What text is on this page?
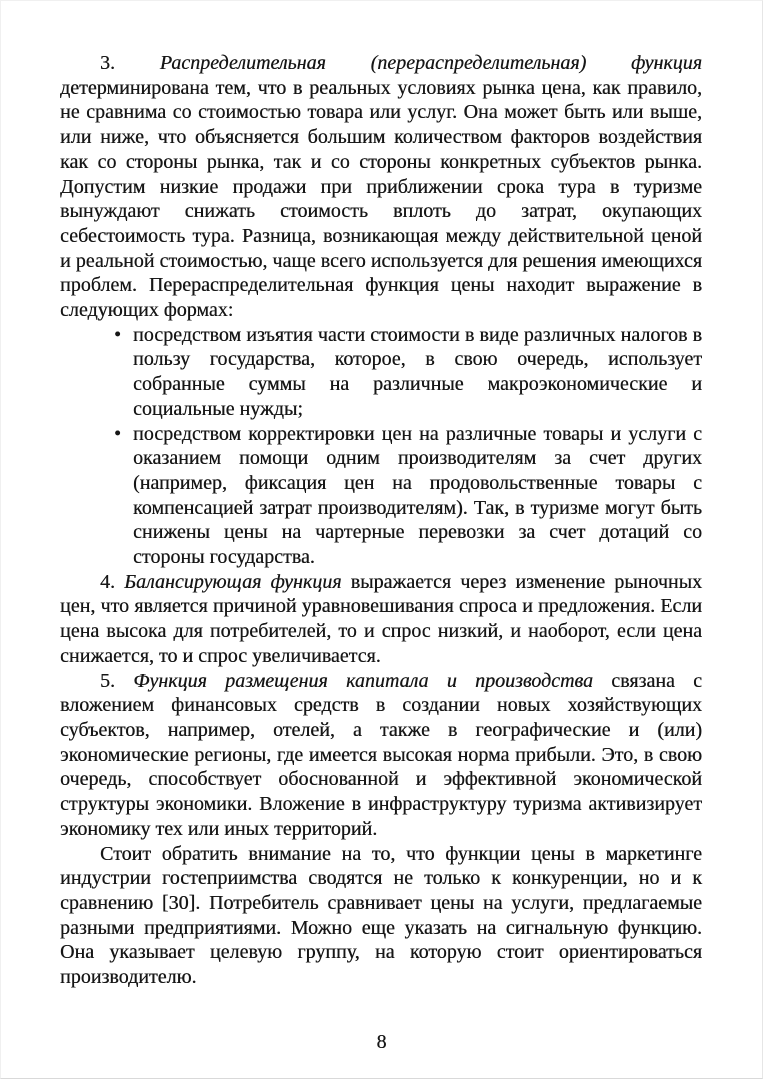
3. Распределительная (перераспределительная) функция детерминирована тем, что в реальных условиях рынка цена, как правило, не сравнима со стоимостью товара или услуг. Она может быть или выше, или ниже, что объясняется большим количеством факторов воздействия как со стороны рынка, так и со стороны конкретных субъектов рынка. Допустим низкие продажи при приближении срока тура в туризме вынуждают снижать стоимость вплоть до затрат, окупающих себестоимость тура. Разница, возникающая между действительной ценой и реальной стоимостью, чаще всего используется для решения имеющихся проблем. Перераспределительная функция цены находит выражение в следующих формах:

• посредством изъятия части стоимости в виде различных налогов в пользу государства, которое, в свою очередь, использует собранные суммы на различные макроэкономические и социальные нужды;
• посредством корректировки цен на различные товары и услуги с оказанием помощи одним производителям за счет других (например, фиксация цен на продовольственные товары с компенсацией затрат производителям). Так, в туризме могут быть снижены цены на чартерные перевозки за счет дотаций со стороны государства.

4. Балансирующая функция выражается через изменение рыночных цен, что является причиной уравновешивания спроса и предложения. Если цена высока для потребителей, то и спрос низкий, и наоборот, если цена снижается, то и спрос увеличивается.

5. Функция размещения капитала и производства связана с вложением финансовых средств в создании новых хозяйствующих субъектов, например, отелей, а также в географические и (или) экономические регионы, где имеется высокая норма прибыли. Это, в свою очередь, способствует обоснованной и эффективной экономической структуры экономики. Вложение в инфраструктуру туризма активизирует экономику тех или иных территорий.

Стоит обратить внимание на то, что функции цены в маркетинге индустрии гостеприимства сводятся не только к конкуренции, но и к сравнению [30]. Потребитель сравнивает цены на услуги, предлагаемые разными предприятиями. Можно еще указать на сигнальную функцию. Она указывает целевую группу, на которую стоит ориентироваться производителю.

8
